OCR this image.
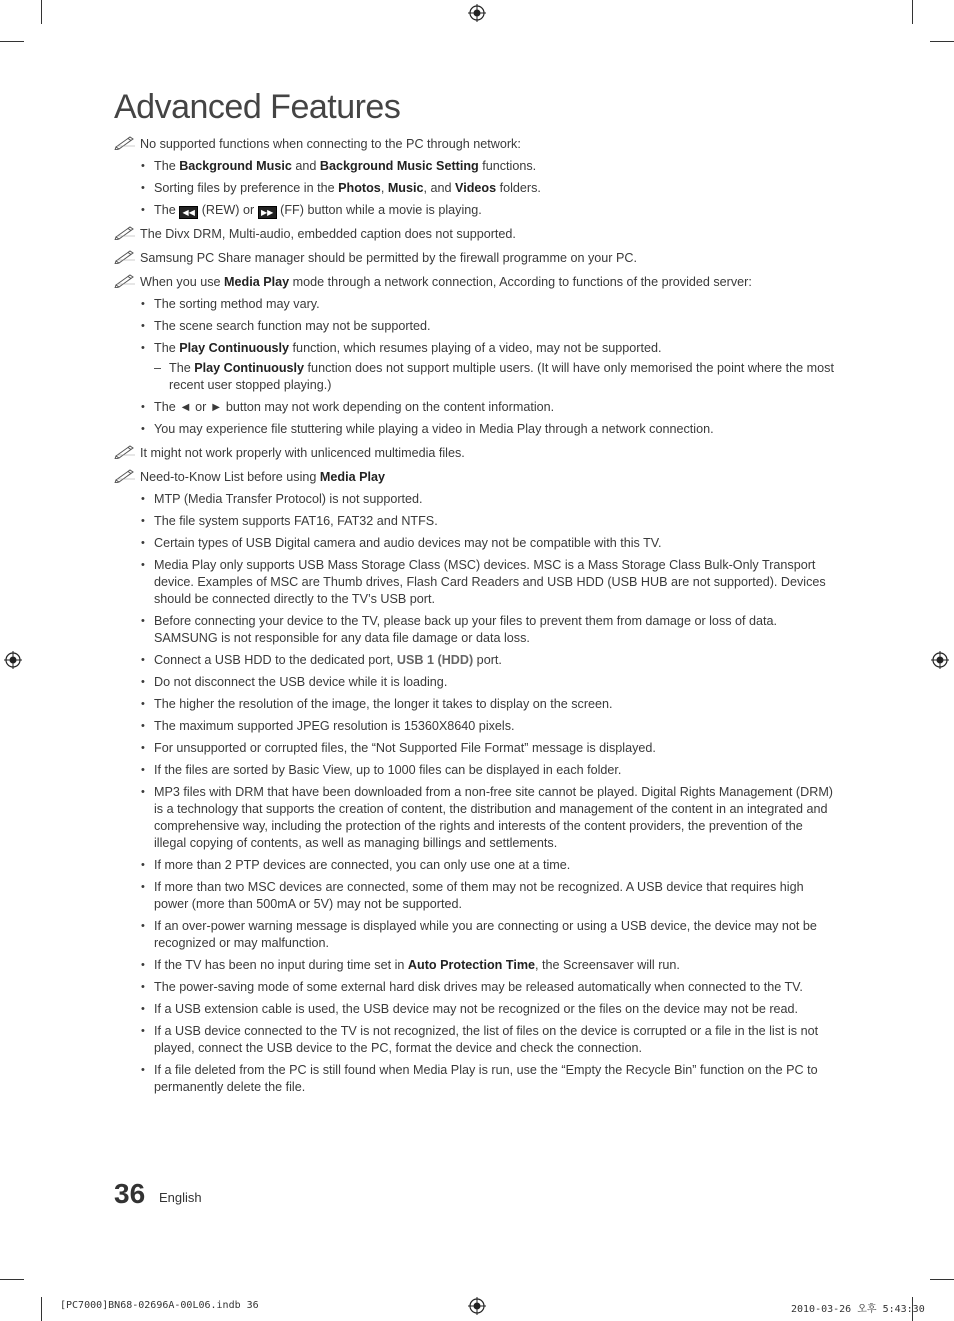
Advanced Features
No supported functions when connecting to the PC through network:
• The Background Music and Background Music Setting functions.
• Sorting files by preference in the Photos, Music, and Videos folders.
• The ◀◀ (REW) or ▶▶ (FF) button while a movie is playing.
The Divx DRM, Multi-audio, embedded caption does not supported.
Samsung PC Share manager should be permitted by the firewall programme on your PC.
When you use Media Play mode through a network connection, According to functions of the provided server:
• The sorting method may vary.
• The scene search function may not be supported.
• The Play Continuously function, which resumes playing of a video, may not be supported.
– The Play Continuously function does not support multiple users. (It will have only memorised the point where the most recent user stopped playing.)
• The ◄ or ► button may not work depending on the content information.
• You may experience file stuttering while playing a video in Media Play through a network connection.
It might not work properly with unlicenced multimedia files.
Need-to-Know List before using Media Play
• MTP (Media Transfer Protocol) is not supported.
• The file system supports FAT16, FAT32 and NTFS.
• Certain types of USB Digital camera and audio devices may not be compatible with this TV.
• Media Play only supports USB Mass Storage Class (MSC) devices. MSC is a Mass Storage Class Bulk-Only Transport device. Examples of MSC are Thumb drives, Flash Card Readers and USB HDD (USB HUB are not supported). Devices should be connected directly to the TV’s USB port.
• Before connecting your device to the TV, please back up your files to prevent them from damage or loss of data. SAMSUNG is not responsible for any data file damage or data loss.
• Connect a USB HDD to the dedicated port, USB 1 (HDD) port.
• Do not disconnect the USB device while it is loading.
• The higher the resolution of the image, the longer it takes to display on the screen.
• The maximum supported JPEG resolution is 15360X8640 pixels.
• For unsupported or corrupted files, the “Not Supported File Format” message is displayed.
• If the files are sorted by Basic View, up to 1000 files can be displayed in each folder.
• MP3 files with DRM that have been downloaded from a non-free site cannot be played. Digital Rights Management (DRM) is a technology that supports the creation of content, the distribution and management of the content in an integrated and comprehensive way, including the protection of the rights and interests of the content providers, the prevention of the illegal copying of contents, as well as managing billings and settlements.
• If more than 2 PTP devices are connected, you can only use one at a time.
• If more than two MSC devices are connected, some of them may not be recognized. A USB device that requires high power (more than 500mA or 5V) may not be supported.
• If an over-power warning message is displayed while you are connecting or using a USB device, the device may not be recognized or may malfunction.
• If the TV has been no input during time set in Auto Protection Time, the Screensaver will run.
• The power-saving mode of some external hard disk drives may be released automatically when connected to the TV.
• If a USB extension cable is used, the USB device may not be recognized or the files on the device may not be read.
• If a USB device connected to the TV is not recognized, the list of files on the device is corrupted or a file in the list is not played, connect the USB device to the PC, format the device and check the connection.
• If a file deleted from the PC is still found when Media Play is run, use the “Empty the Recycle Bin” function on the PC to permanently delete the file.
36 English
[PC7000]BN68-02696A-00L06.indb 36	2010-03-26 오후 5:43:30
